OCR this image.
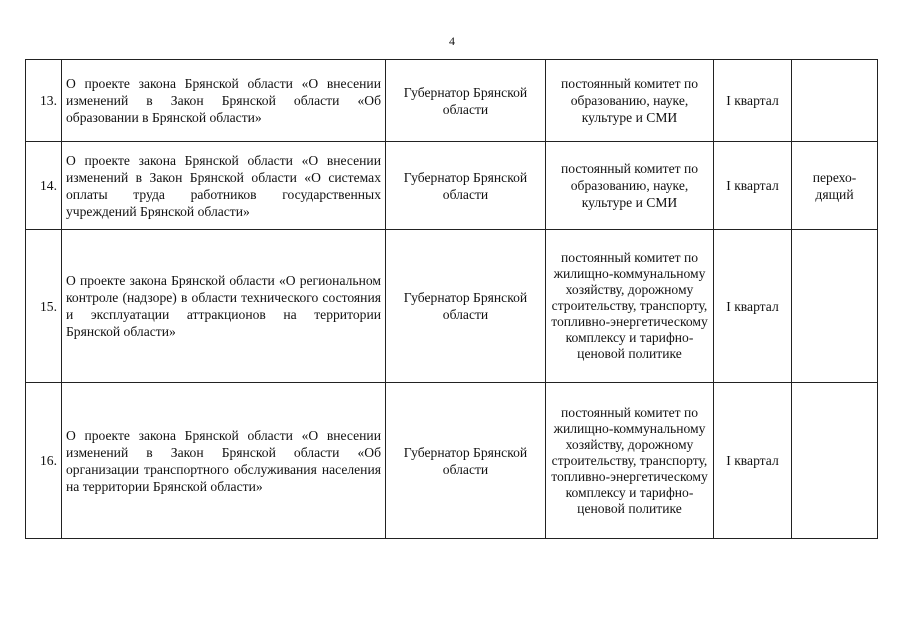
4
13.	О проекте закона Брянской области «О внесении изменений в Закон Брянской области «Об образовании в Брянской области»	Губернатор Брянской области	постоянный комитет по образованию, науке, культуре и СМИ	I квартал	
14.	О проекте закона Брянской области «О внесении изменений в Закон Брянской области «О системах оплаты труда работников государственных учреждений Брянской области»	Губернатор Брянской области	постоянный комитет по образованию, науке, культуре и СМИ	I квартал	перехо-дящий
15.	О проекте закона Брянской области «О региональном контроле (надзоре) в области технического состояния и эксплуатации аттракционов на территории Брянской области»	Губернатор Брянской области	постоянный комитет по жилищно-коммунальному хозяйству, дорожному строительству, транспорту, топливно-энергетическому комплексу и тарифно-ценовой политике	I квартал	
16.	О проекте закона Брянской области «О внесении изменений в Закон Брянской области «Об организации транспортного обслуживания населения на территории Брянской области»	Губернатор Брянской области	постоянный комитет по жилищно-коммунальному хозяйству, дорожному строительству, транспорту, топливно-энергетическому комплексу и тарифно-ценовой политике	I квартал	
